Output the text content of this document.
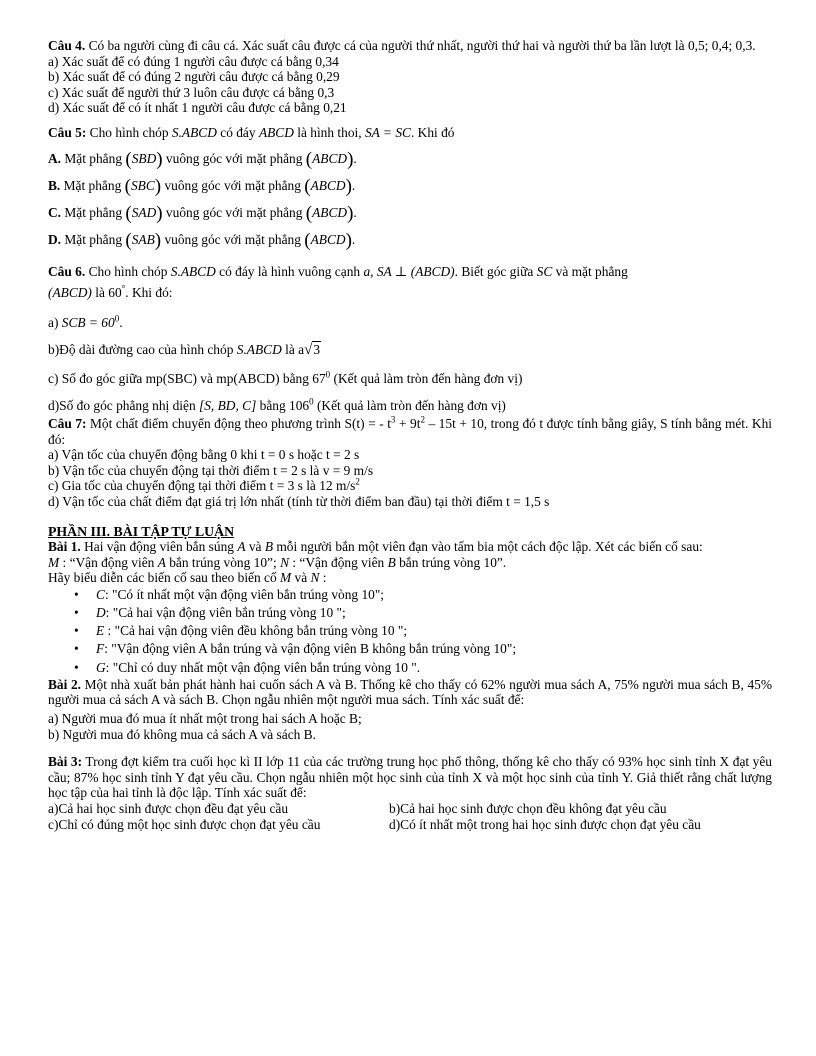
Câu 4. Có ba người cùng đi câu cá. Xác suất câu được cá của người thứ nhất, người thứ hai và người thứ ba lần lượt là 0,5; 0,4; 0,3.

a) Xác suất để có đúng 1 người câu được cá bằng 0,34

b) Xác suất để có đúng 2 người câu được cá bằng 0,29

c) Xác suất để người thứ 3 luôn câu được cá bằng 0,3

d) Xác suất để có ít nhất 1 người câu được cá bằng 0,21

Câu 5: Cho hình chóp S.ABCD có đáy ABCD là hình thoi, SA = SC. Khi đó

A. Mặt phẳng (SBD) vuông góc với mặt phẳng (ABCD).

B. Mặt phẳng (SBC) vuông góc với mặt phẳng (ABCD).

C. Mặt phẳng (SAD) vuông góc với mặt phẳng (ABCD).

D. Mặt phẳng (SAB) vuông góc với mặt phẳng (ABCD).

Câu 6. Cho hình chóp S.ABCD có đáy là hình vuông cạnh a, SA ⊥ (ABCD). Biết góc giữa SC và mặt phẳng
(ABCD) là 60°. Khi đó:

a) SCB = $60^0$.

b)Độ dài đường cao của hình chóp S.ABCD là a√3

c) Số đo góc giữa mp(SBC) và mp(ABCD) bằng $67^0$ (Kết quả làm tròn đến hàng đơn vị)

d)Số đo góc phẳng nhị diện [S, BD, C] bằng $106^0$ (Kết quả làm tròn đến hàng đơn vị)

Câu 7: Một chất điểm chuyển động theo phương trình S(t) = - $t^3 + 9t^2 - 15t + 10$, trong đó t được tính bằng giây, S tính bằng mét. Khi đó:

a) Vận tốc của chuyển động bằng 0 khi t = 0 s hoặc t = 2 s

b) Vận tốc của chuyển động tại thời điểm t = 2 s là v = 9 m/s

c) Gia tốc của chuyển động tại thời điểm t = 3 s là 12 $m/s^2$

d) Vận tốc của chất điểm đạt giá trị lớn nhất (tính từ thời điểm ban đầu) tại thời điểm t = 1,5 s

PHẦN III. BÀI TẬP TỰ LUẬN

Bài 1. Hai vận động viên bắn súng A và B mỗi người bắn một viên đạn vào tấm bia một cách độc lập. Xét các biến cố sau:

M : “Vận động viên A bắn trúng vòng 10”; N : “Vận động viên B bắn trúng vòng 10”.

Hãy biểu diễn các biến cố sau theo biến cố M và N :

• C: "Có ít nhất một vận động viên bắn trúng vòng 10";
• D: "Cả hai vận động viên bắn trúng vòng 10 ";
• E : "Cả hai vận động viên đều không bắn trúng vòng 10 ";
• F: "Vận động viên A bắn trúng và vận động viên B không bắn trúng vòng 10";
• G: "Chỉ có duy nhất một vận động viên bắn trúng vòng 10 ".

Bài 2. Một nhà xuất bản phát hành hai cuốn sách A và B. Thống kê cho thấy có 62% người mua sách A, 75% người mua sách B, 45% người mua cả sách A và sách B. Chọn ngẫu nhiên một người mua sách. Tính xác suất để:

a) Người mua đó mua ít nhất một trong hai sách A hoặc B;

b) Người mua đó không mua cả sách A và sách B.

Bài 3: Trong đợt kiểm tra cuối học kì II lớp 11 của các trường trung học phổ thông, thống kê cho thấy có 93% học sinh tỉnh X đạt yêu cầu; 87% học sinh tỉnh Y đạt yêu cầu. Chọn ngẫu nhiên một học sinh của tỉnh X và một học sinh của tỉnh Y. Giả thiết rằng chất lượng học tập của hai tỉnh là độc lập. Tính xác suất để:

a)Cả hai học sinh được chọn đều đạt yêu cầu	b)Cả hai học sinh được chọn đều không đạt yêu cầu
c)Chỉ có đúng một học sinh được chọn đạt yêu cầu	d)Có ít nhất một trong hai học sinh được chọn đạt yêu cầu
